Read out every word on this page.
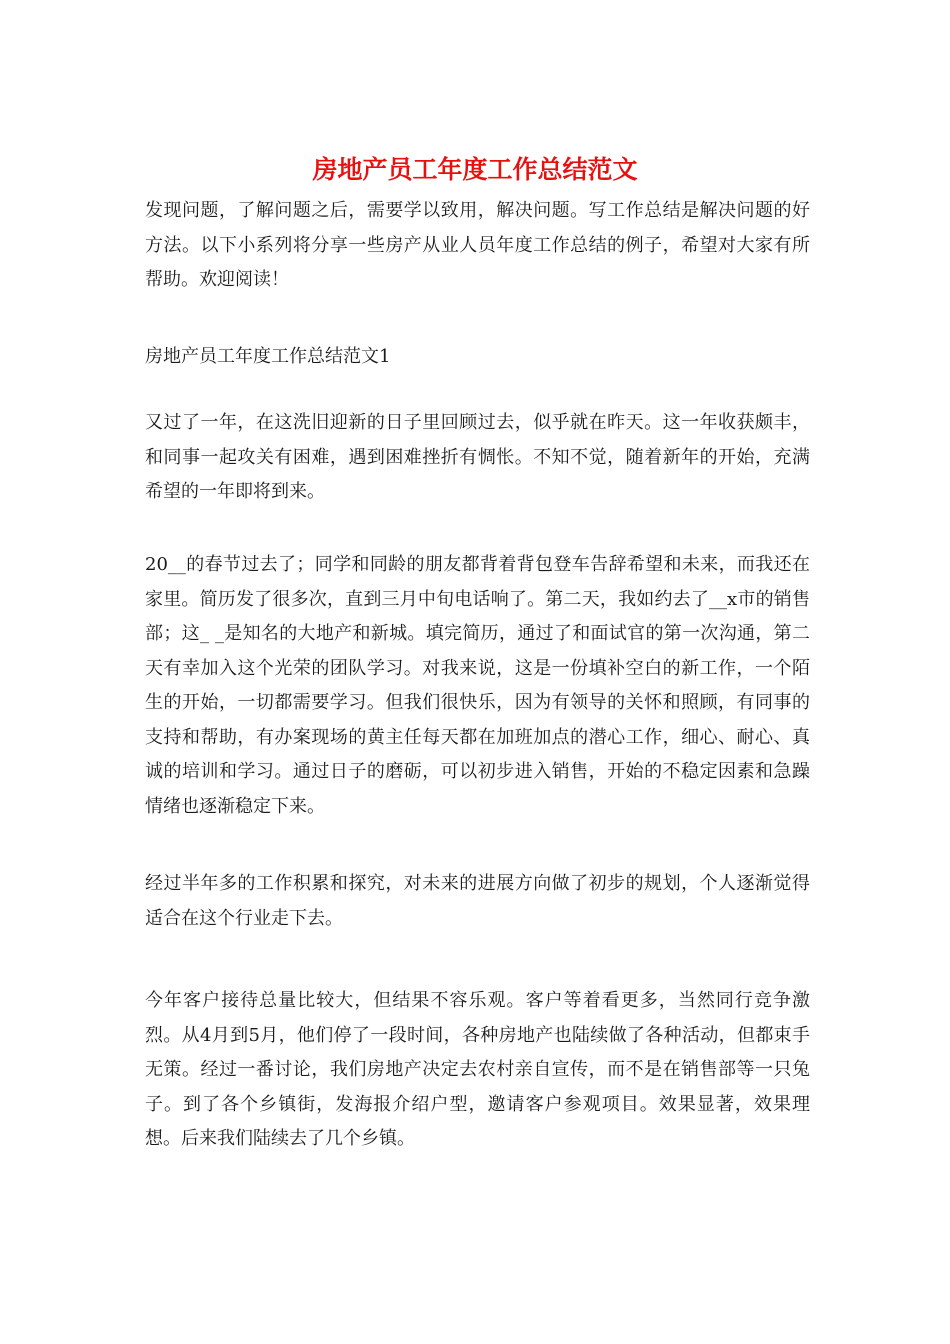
房地产员工年度工作总结范文

发现问题，了解问题之后，需要学以致用，解决问题。写工作总结是解决问题的好方法。以下小系列将分享一些房产从业人员年度工作总结的例子，希望对大家有所帮助。欢迎阅读！

房地产员工年度工作总结范文1

又过了一年，在这洗旧迎新的日子里回顾过去，似乎就在昨天。这一年收获颇丰，和同事一起攻关有困难，遇到困难挫折有惆怅。不知不觉，随着新年的开始，充满希望的一年即将到来。

20__的春节过去了；同学和同龄的朋友都背着背包登车告辞希望和未来，而我还在家里。简历发了很多次，直到三月中旬电话响了。第二天，我如约去了__x市的销售部；这_ _是知名的大地产和新城。填完简历，通过了和面试官的第一次沟通，第二天有幸加入这个光荣的团队学习。对我来说，这是一份填补空白的新工作，一个陌生的开始，一切都需要学习。但我们很快乐，因为有领导的关怀和照顾，有同事的支持和帮助，有办案现场的黄主任每天都在加班加点的潜心工作，细心、耐心、真诚的培训和学习。通过日子的磨砺，可以初步进入销售，开始的不稳定因素和急躁情绪也逐渐稳定下来。

经过半年多的工作积累和探究，对未来的进展方向做了初步的规划，个人逐渐觉得适合在这个行业走下去。

今年客户接待总量比较大，但结果不容乐观。客户等着看更多，当然同行竞争激烈。从4月到5月，他们停了一段时间，各种房地产也陆续做了各种活动，但都束手无策。经过一番讨论，我们房地产决定去农村亲自宣传，而不是在销售部等一只兔子。到了各个乡镇街，发海报介绍户型，邀请客户参观项目。效果显著，效果理想。后来我们陆续去了几个乡镇。
